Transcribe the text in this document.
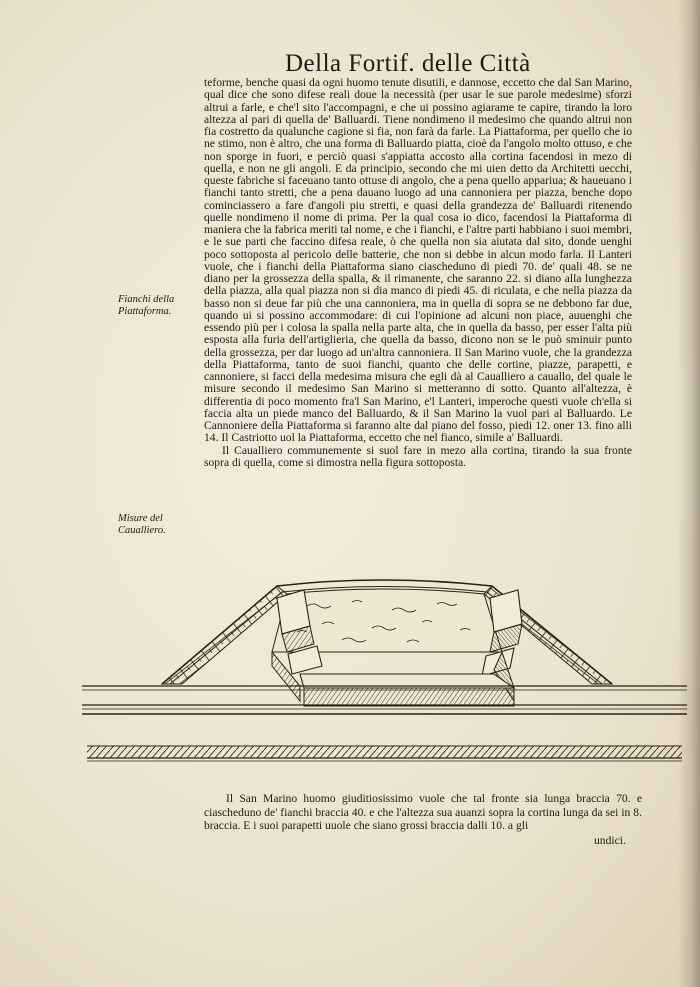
Della Fortif. delle Città

teforme, benche quasi da ogni huomo tenute disutili, e dannose, eccetto che dal San Marino, qual dice che sono difese reali doue la necessità (per usar le sue parole medesime) sforzi altrui a farle, e che'l sito l'accompagni, e che ui possino agiarame te capire, tirando la loro altezza al pari di quella de' Balluardi. Tiene nondimeno il medesimo che quando altrui non fia costretto da qualunche cagione si fia, non farà da farle. La Piattaforma, per quello che io ne stimo, non è altro, che una forma di Balluardo piatta, cioè da l'angolo molto ottuso, e che non sporge in fuori, e perciò quasi s'appiatta accosto alla cortina facendosi in mezo di quella, e non ne gli angoli. E da principio, secondo che mi uien detto da Architetti uecchi, queste fabriche si faceuano tanto ottuse di angolo, che a pena quello appariua; & haueuano i fianchi tanto stretti, che a pena dauano luogo ad una cannoniera per piazza, benche dopo cominciassero a fare d'angoli piu stretti, e quasi della grandezza de' Balluardi ritenendo quelle nondimeno il nome di prima. Per la qual cosa io dico, facendosi la Piattaforma di maniera che la fabrica meriti tal nome, e che i fianchi, e l'altre parti habbiano i suoi membri, e le sue parti che faccino difesa reale, ò che quella non sia aiutata dal sito, donde uenghi poco sottoposta al pericolo delle batterie, che non si debbe in alcun modo farla. Il Lanteri vuole, che i fianchi della Piattaforma siano ciascheduno di piedi 70. de' quali 48. se ne diano per la grossezza della spalla, & il rimanente, che saranno 22. si diano alla lunghezza della piazza, alla qual piazza non si dia manco di piedi 45. di riculata, e che nella piazza da basso non si deue far più che una cannoniera, ma in quella di sopra se ne debbono far due, quando ui si possino accommodare: di cui l'opinione ad alcuni non piace, auuenghi che essendo più per i colosa la spalla nella parte alta, che in quella da basso, per esser l'alta più esposta alla furia dell'artiglieria, che quella da basso, dicono non se le può sminuir punto della grossezza, per dar luogo ad un'altra cannoniera. Il San Marino vuole, che la grandezza della Piattaforma, tanto de suoi fianchi, quanto che delle cortine, piazze, parapetti, e cannoniere, si facci della medesima misura che egli dà al Caualliero a cauallo, del quale le misure secondo il medesimo San Marino si metteranno di sotto. Quanto all'altezza, è differentia di poco momento fra'l San Marino, e'l Lanteri, imperoche questi vuole ch'ella si faccia alta un piede manco del Balluardo, & il San Marino la vuol pari al Balluardo. Le Cannoniere della Piattaforma si faranno alte dal piano del fosso, piedi 12. oner 13. fino alli 14. Il Castriotto uol la Piattaforma, eccetto che nel fianco, simile a' Balluardi.

Il Caualliero communemente si suol fare in mezo alla cortina, tirando la sua fronte sopra di quella, come si dimostra nella figura sottoposta.

Fianchi della Piattaforma.
Misure del Caualliero.
Il San Marino huomo giuditiosissimo vuole che tal fronte sia lunga braccia 70. e ciascheduno de' fianchi braccia 40. e che l'altezza sua auanzi sopra la cortina lunga da sei in 8. braccia. E i suoi parapetti uuole che siano grossi braccia dalli 10. a gli
undici.
